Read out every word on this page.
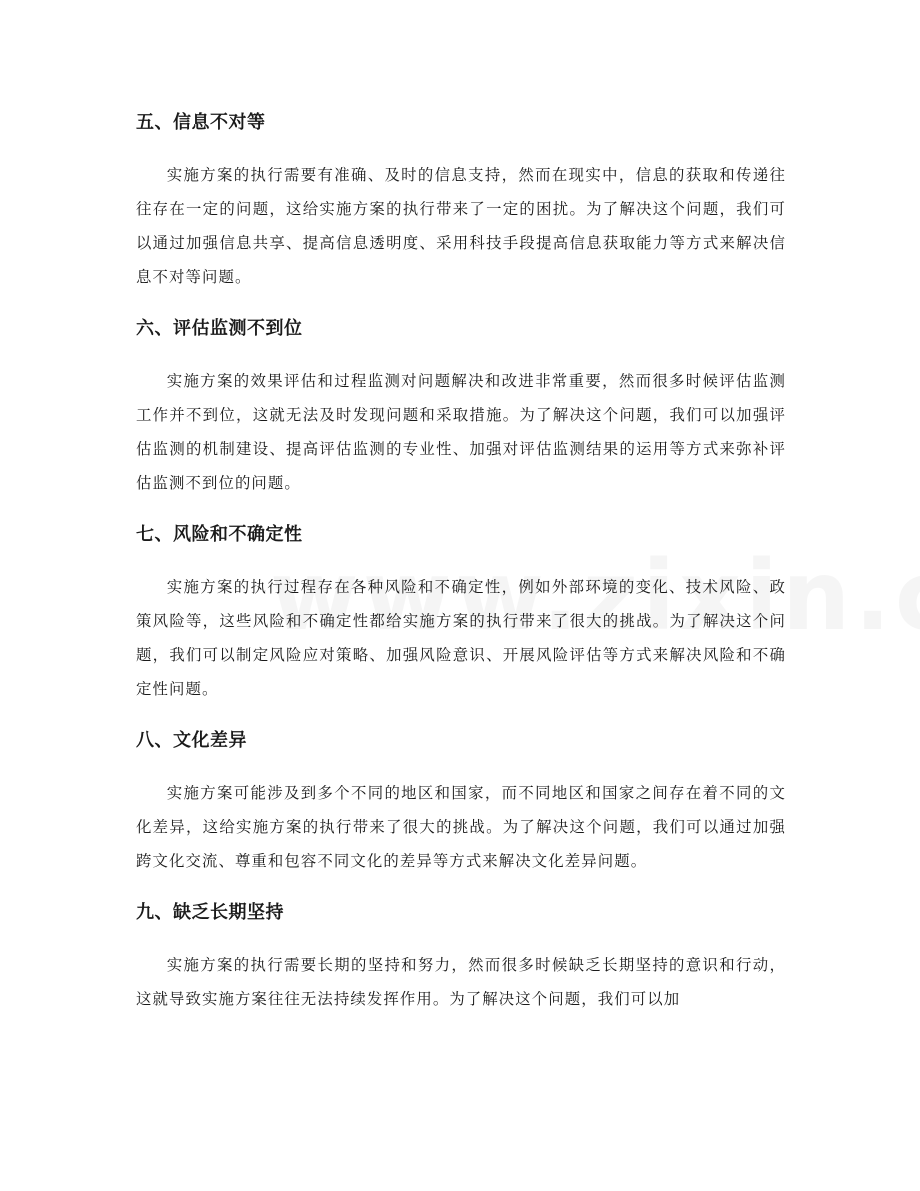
五、信息不对等

实施方案的执行需要有准确、及时的信息支持，然而在现实中，信息的获取和传递往往存在一定的问题，这给实施方案的执行带来了一定的困扰。为了解决这个问题，我们可以通过加强信息共享、提高信息透明度、采用科技手段提高信息获取能力等方式来解决信息不对等问题。

六、评估监测不到位

实施方案的效果评估和过程监测对问题解决和改进非常重要，然而很多时候评估监测工作并不到位，这就无法及时发现问题和采取措施。为了解决这个问题，我们可以加强评估监测的机制建设、提高评估监测的专业性、加强对评估监测结果的运用等方式来弥补评估监测不到位的问题。

七、风险和不确定性

实施方案的执行过程存在各种风险和不确定性，例如外部环境的变化、技术风险、政策风险等，这些风险和不确定性都给实施方案的执行带来了很大的挑战。为了解决这个问题，我们可以制定风险应对策略、加强风险意识、开展风险评估等方式来解决风险和不确定性问题。

八、文化差异

实施方案可能涉及到多个不同的地区和国家，而不同地区和国家之间存在着不同的文化差异，这给实施方案的执行带来了很大的挑战。为了解决这个问题，我们可以通过加强跨文化交流、尊重和包容不同文化的差异等方式来解决文化差异问题。

九、缺乏长期坚持

实施方案的执行需要长期的坚持和努力，然而很多时候缺乏长期坚持的意识和行动，这就导致实施方案往往无法持续发挥作用。为了解决这个问题，我们可以加
